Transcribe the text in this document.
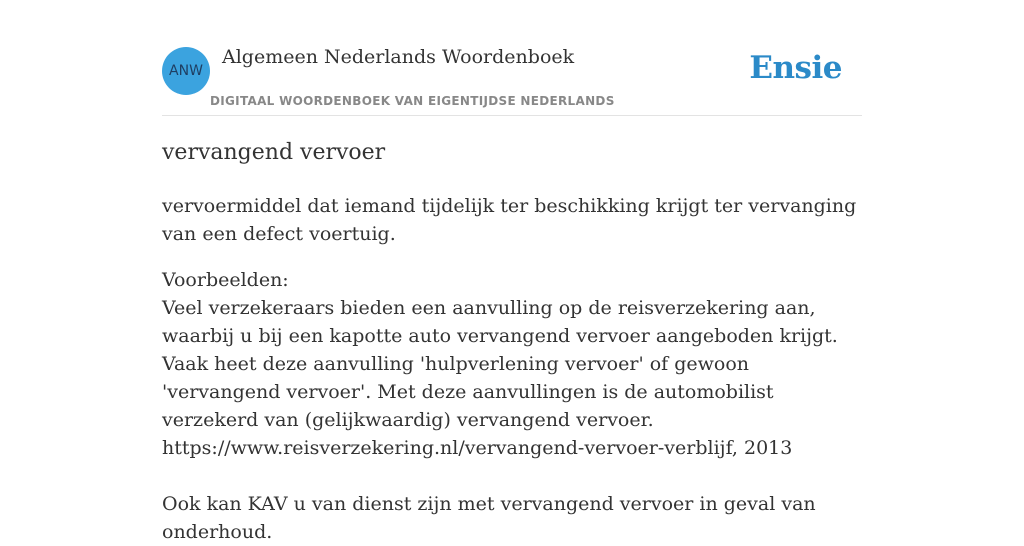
ANW
Algemeen Nederlands Woordenboek
DIGITAAL WOORDENBOEK VAN EIGENTIJDSE NEDERLANDS
Ensie
vervangend vervoer

vervoermiddel dat iemand tijdelijk ter beschikking krijgt ter vervanging van een defect voertuig.

Voorbeelden:
Veel verzekeraars bieden een aanvulling op de reisverzekering aan, waarbij u bij een kapotte auto vervangend vervoer aangeboden krijgt. Vaak heet deze aanvulling 'hulpverlening vervoer' of gewoon 'vervangend vervoer'. Met deze aanvullingen is de automobilist verzekerd van (gelijkwaardig) vervangend vervoer.
https://www.reisverzekering.nl/vervangend-vervoer-verblijf, 2013
Ook kan KAV u van dienst zijn met vervangend vervoer in geval van onderhoud.
